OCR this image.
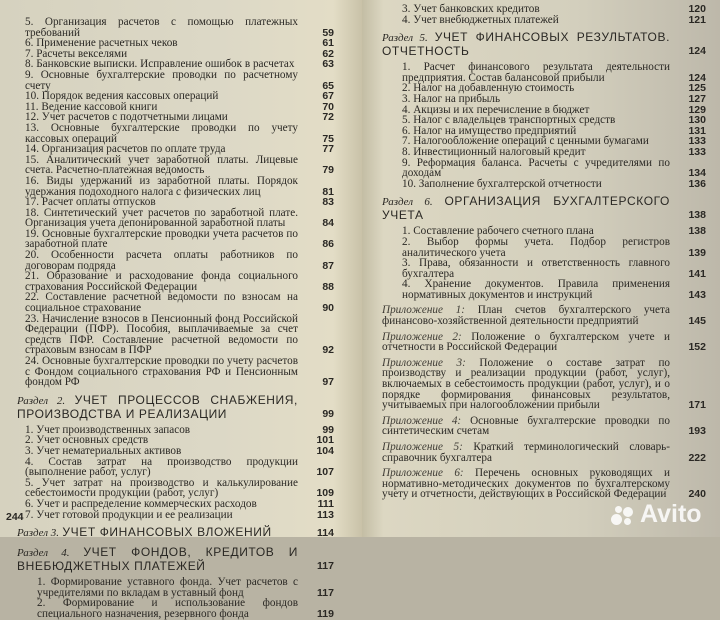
5. Организация расчетов с помощью платежных требований	59
6. Применение расчетных чеков	61
7. Расчеты векселями	62
8. Банковские выписки. Исправление ошибок в расчетах	63
9. Основные бухгалтерские проводки по расчетному счету	65
10. Порядок ведения кассовых операций	67
11. Ведение кассовой книги	70
12. Учет расчетов с подотчетными лицами	72
13. Основные бухгалтерские проводки по учету кассовых операций	75
14. Организация расчетов по оплате труда	77
15. Аналитический учет заработной платы. Лицевые счета. Расчетно-платежная ведомость	79
16. Виды удержаний из заработной платы. Порядок удержания подоходного налога с физических лиц	81
17. Расчет оплаты отпусков	83
18. Синтетический учет расчетов по заработной плате. Организация учета депонированной заработной платы	84
19. Основные бухгалтерские проводки учета расчетов по заработной плате	86
20. Особенности расчета оплаты работников по договорам подряда	87
21. Образование и расходование фонда социального страхования Российской Федерации	88
22. Составление расчетной ведомости по взносам на социальное страхование	90
23. Начисление взносов в Пенсионный фонд Российской Федерации (ПФР). Пособия, выплачиваемые за счет средств ПФР. Составление расчетной ведомости по страховым взносам в ПФР	92
24. Основные бухгалтерские проводки по учету расчетов с Фондом социального страхования РФ и Пенсионным фондом РФ	97
Раздел 2. УЧЕТ ПРОЦЕССОВ СНАБЖЕНИЯ, ПРОИЗВОДСТВА И РЕАЛИЗАЦИИ	99
1. Учет производственных запасов	99
2. Учет основных средств	101
3. Учет нематериальных активов	104
4. Состав затрат на производство продукции (выполнение работ, услуг)	107
5. Учет затрат на производство и калькулирование себестоимости продукции (работ, услуг)	109
6. Учет и распределение коммерческих расходов	111
7. Учет готовой продукции и ее реализации	113
Раздел 3. УЧЕТ ФИНАНСОВЫХ ВЛОЖЕНИЙ	114
Раздел 4. УЧЕТ ФОНДОВ, КРЕДИТОВ И ВНЕБЮДЖЕТНЫХ ПЛАТЕЖЕЙ	117
1. Формирование уставного фонда. Учет расчетов с учредителями по вкладам в уставный фонд	117
2. Формирование и использование фондов специального назначения, резервного фонда	119
244
3. Учет банковских кредитов	120
4. Учет внебюджетных платежей	121
Раздел 5. УЧЕТ ФИНАНСОВЫХ РЕЗУЛЬТАТОВ. ОТЧЕТНОСТЬ	124
1. Расчет финансового результата деятельности предприятия. Состав балансовой прибыли	124
2. Налог на добавленную стоимость	125
3. Налог на прибыль	127
4. Акцизы и их перечисление в бюджет	129
5. Налог с владельцев транспортных средств	130
6. Налог на имущество предприятий	131
7. Налогообложение операций с ценными бумагами	133
8. Инвестиционный налоговый кредит	133
9. Реформация баланса. Расчеты с учредителями по доходам	134
10. Заполнение бухгалтерской отчетности	136
Раздел 6. ОРГАНИЗАЦИЯ БУХГАЛТЕРСКОГО УЧЕТА	138
1. Составление рабочего счетного плана	138
2. Выбор формы учета. Подбор регистров аналитического учета	139
3. Права, обязанности и ответственность главного бухгалтера	141
4. Хранение документов. Правила применения нормативных документов и инструкций	143
Приложение 1: План счетов бухгалтерского учета финансово-хозяйственной деятельности предприятий	145
Приложение 2: Положение о бухгалтерском учете и отчетности в Российской Федерации	152
Приложение 3: Положение о составе затрат по производству и реализации продукции (работ, услуг), включаемых в себестоимость продукции (работ, услуг), и о порядке формирования финансовых результатов, учитываемых при налогообложении прибыли	171
Приложение 4: Основные бухгалтерские проводки по синтетическим счетам	193
Приложение 5: Краткий терминологический словарь-справочник бухгалтера	222
Приложение 6: Перечень основных руководящих и нормативно-методических документов по бухгалтерскому учету и отчетности, действующих в Российской Федерации	240
Avito
